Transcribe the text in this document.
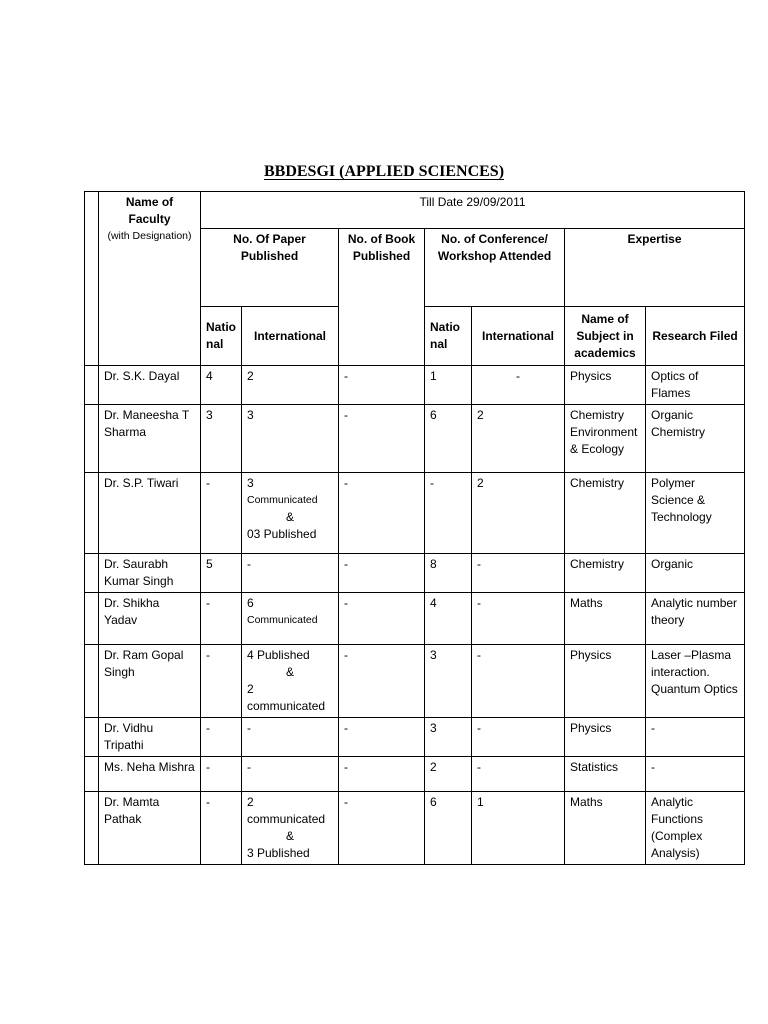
BBDESGI (APPLIED SCIENCES)

	Name of Faculty
(with Designation)	Till Date 29/09/2011						
		No. Of Paper Published		No. of Book Published	No. of Conference/ Workshop Attended		Expertise	
		National	International		National	International	Name of Subject in academics	Research Filed
	Dr. S.K. Dayal	4	2	-	1	-	Physics	Optics of Flames
	Dr. Maneesha T Sharma	3	3	-	6	2	Chemistry Environment & Ecology	Organic Chemistry
	Dr. S.P. Tiwari	-	3
Communicated
&
03 Published	-	-	2	Chemistry	Polymer Science & Technology
	Dr. Saurabh Kumar Singh	5	-	-	8	-	Chemistry	Organic
	Dr. Shikha Yadav	-	6
Communicated	-	4	-	Maths	Analytic number theory
	Dr. Ram Gopal Singh	-	4 Published
&
2
communicated	-	3	-	Physics	Laser –Plasma interaction. Quantum Optics
	Dr. Vidhu Tripathi	-	-	-	3	-	Physics	-
	Ms. Neha Mishra	-	-	-	2	-	Statistics	-
	Dr. Mamta Pathak	-	2
communicated
&
3 Published	-	6	1	Maths	Analytic Functions (Complex Analysis)
